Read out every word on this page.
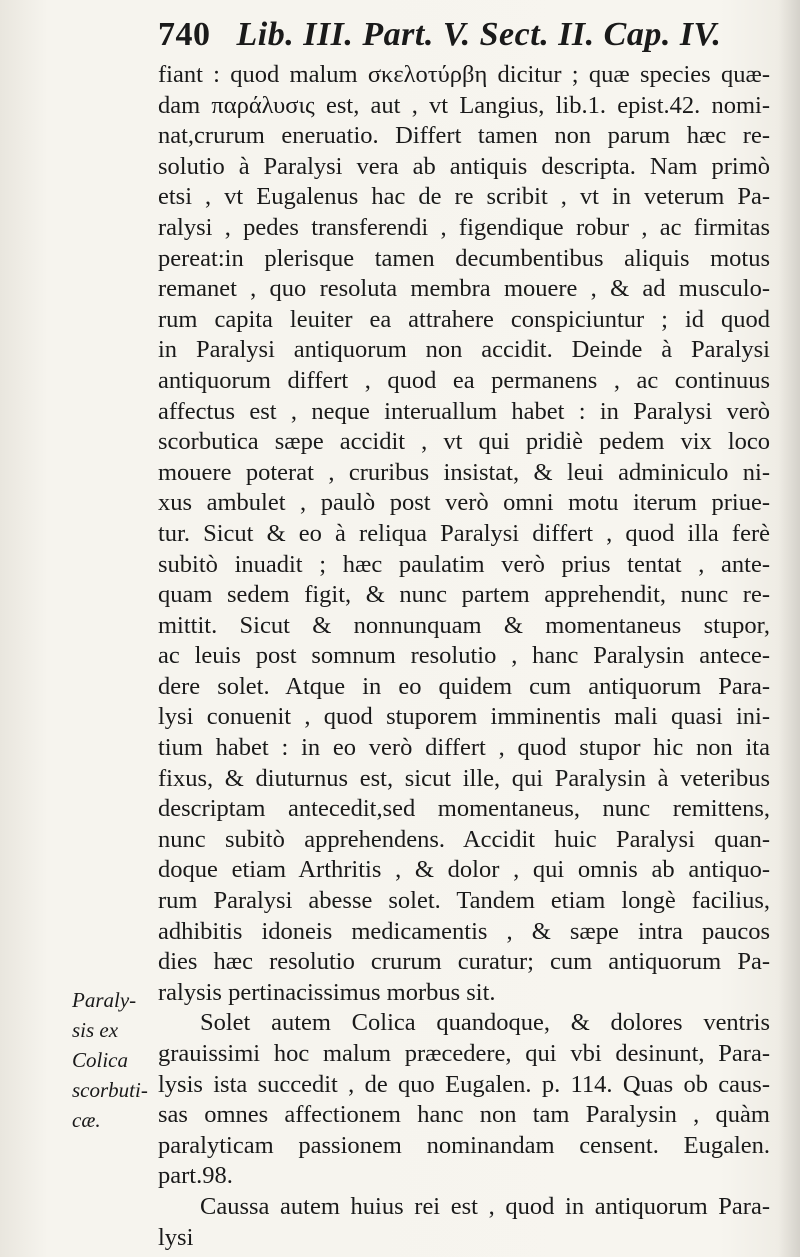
740 Lib. III. Part. V. Sect. II. Cap. IV.
fiant : quod malum σκελοτύρβη dicitur ; quæ species quæ-
dam παράλυσις est, aut , vt Langius, lib.1. epist.42. nomi-
nat,crurum eneruatio. Differt tamen non parum hæc re-
solutio à Paralysi vera ab antiquis descripta. Nam primò
etsi , vt Eugalenus hac de re scribit , vt in veterum Pa-
ralysi , pedes transferendi , figendique robur , ac firmitas
pereat:in plerisque tamen decumbentibus aliquis motus
remanet , quo resoluta membra mouere , & ad musculo-
rum capita leuiter ea attrahere conspiciuntur ; id quod
in Paralysi antiquorum non accidit. Deinde à Paralysi
antiquorum differt , quod ea permanens , ac continuus
affectus est , neque interuallum habet : in Paralysi verò
scorbutica sæpe accidit , vt qui pridiè pedem vix loco
mouere poterat , cruribus insistat, & leui adminiculo ni-
xus ambulet , paulò post verò omni motu iterum priue-
tur. Sicut & eo à reliqua Paralysi differt , quod illa ferè
subitò inuadit ; hæc paulatim verò prius tentat , ante-
quam sedem figit, & nunc partem apprehendit, nunc re-
mittit. Sicut & nonnunquam & momentaneus stupor,
ac leuis post somnum resolutio , hanc Paralysin antece-
dere solet. Atque in eo quidem cum antiquorum Para-
lysi conuenit , quod stuporem imminentis mali quasi ini-
tium habet : in eo verò differt , quod stupor hic non ita
fixus, & diuturnus est, sicut ille, qui Paralysin à veteribus
descriptam antecedit,sed momentaneus, nunc remittens,
nunc subitò apprehendens. Accidit huic Paralysi quan-
doque etiam Arthritis , & dolor , qui omnis ab antiquo-
rum Paralysi abesse solet. Tandem etiam longè facilius,
adhibitis idoneis medicamentis , & sæpe intra paucos
dies hæc resolutio crurum curatur; cum antiquorum Pa-
ralysis pertinacissimus morbus sit.
Solet autem Colica quandoque, & dolores ventris
grauissimi hoc malum præcedere, qui vbi desinunt, Para-
lysis ista succedit , de quo Eugalen. p. 114. Quas ob caus-
sas omnes affectionem hanc non tam Paralysin , quàm
paralyticam passionem nominandam censent. Eugalen.
part.98.
Caussa autem huius rei est , quod in antiquorum Para-
lysi
Paraly-
sis ex
Colica
scorbuti-
cæ.
